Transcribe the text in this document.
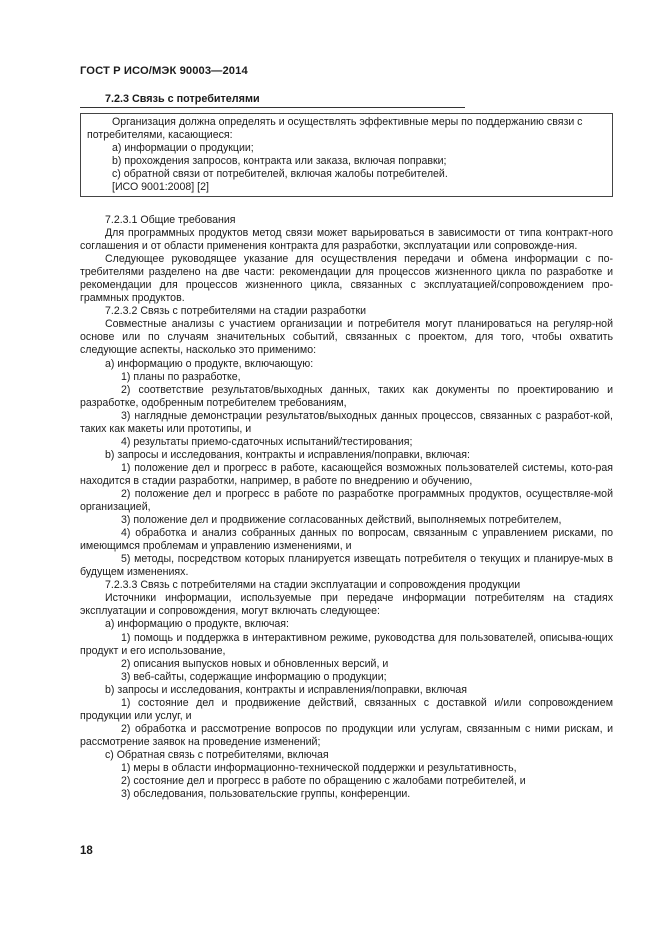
ГОСТ Р ИСО/МЭК 90003—2014
7.2.3 Связь с потребителями

Организация должна определять и осуществлять эффективные меры по поддержанию связи с потребителями, касающиеся:

a) информации о продукции;

b) прохождения запросов, контракта или заказа, включая поправки;

c) обратной связи от потребителей, включая жалобы потребителей.

[ИСО 9001:2008] [2]

7.2.3.1 Общие требования

Для программных продуктов метод связи может варьироваться в зависимости от типа контракт-ного соглашения и от области применения контракта для разработки, эксплуатации или сопровожде-ния.

Следующее руководящее указание для осуществления передачи и обмена информации с по-требителями разделено на две части: рекомендации для процессов жизненного цикла по разработке и рекомендации для процессов жизненного цикла, связанных с эксплуатацией/сопровождением про-граммных продуктов.

7.2.3.2 Связь с потребителями на стадии разработки

Совместные анализы с участием организации и потребителя могут планироваться на регуляр-ной основе или по случаям значительных событий, связанных с проектом, для того, чтобы охватить следующие аспекты, насколько это применимо:

a) информацию о продукте, включающую:

1) планы по разработке,

2) соответствие результатов/выходных данных, таких как документы по проектированию и разработке, одобренным потребителем требованиям,

3) наглядные демонстрации результатов/выходных данных процессов, связанных с разработ-кой, таких как макеты или прототипы, и

4) результаты приемо-сдаточных испытаний/тестирования;

b) запросы и исследования, контракты и исправления/поправки, включая:

1) положение дел и прогресс в работе, касающейся возможных пользователей системы, кото-рая находится в стадии разработки, например, в работе по внедрению и обучению,

2) положение дел и прогресс в работе по разработке программных продуктов, осуществляе-мой организацией,

3) положение дел и продвижение согласованных действий, выполняемых потребителем,

4) обработка и анализ собранных данных по вопросам, связанным с управлением рисками, по имеющимся проблемам и управлению изменениями, и

5) методы, посредством которых планируется извещать потребителя о текущих и планируе-мых в будущем изменениях.

7.2.3.3 Связь с потребителями на стадии эксплуатации и сопровождения продукции

Источники информации, используемые при передаче информации потребителям на стадиях эксплуатации и сопровождения, могут включать следующее:

a) информацию о продукте, включая:

1) помощь и поддержка в интерактивном режиме, руководства для пользователей, описыва-ющих продукт и его использование,

2) описания выпусков новых и обновленных версий, и

3) веб-сайты, содержащие информацию о продукции;

b) запросы и исследования, контракты и исправления/поправки, включая

1) состояние дел и продвижение действий, связанных с доставкой и/или сопровождением продукции или услуг, и

2) обработка и рассмотрение вопросов по продукции или услугам, связанным с ними рискам, и рассмотрение заявок на проведение изменений;

c) Обратная связь с потребителями, включая

1) меры в области информационно-технической поддержки и результативность,

2) состояние дел и прогресс в работе по обращению с жалобами потребителей, и

3) обследования, пользовательские группы, конференции.

18
